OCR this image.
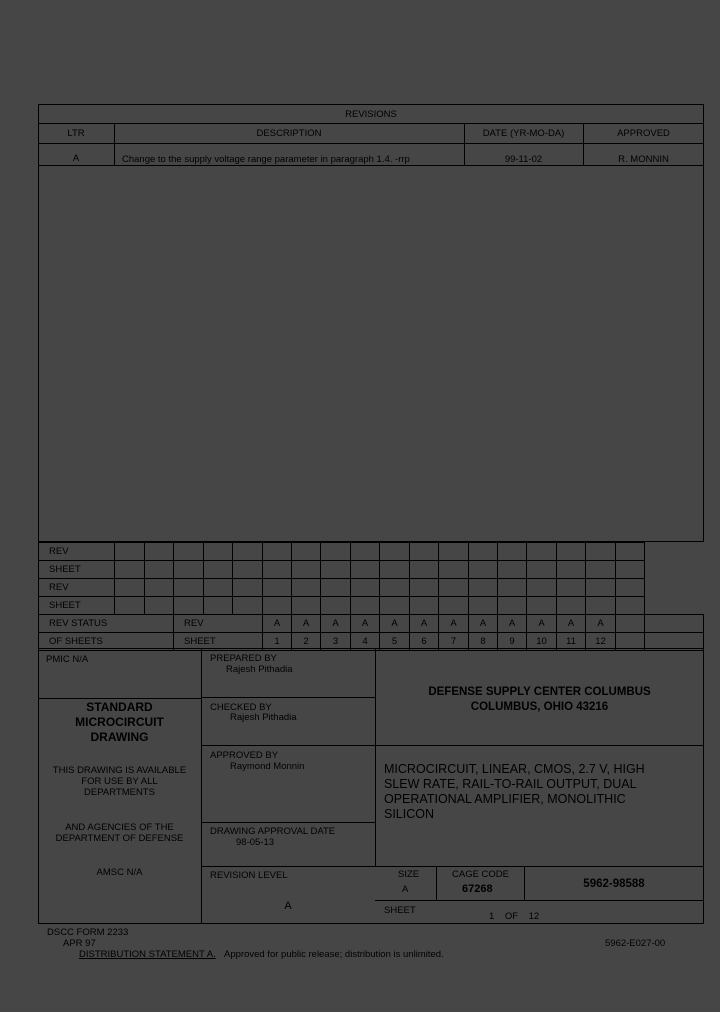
REVISIONS
LTR	DESCRIPTION	DATE (YR-MO-DA)	APPROVED
A	Change to the supply voltage range parameter in paragraph 1.4. -rrp	99-11-02	R. MONNIN
REV																			
SHEET																			
REV																			
SHEET																			
REV STATUS			REV			A	A	A	A	A	A	A	A	A	A	A	A		
OF SHEETS			SHEET			1	2	3	4	5	6	7	8	9	10	11	12		
PMIC N/A
STANDARD
MICROCIRCUIT
DRAWING
THIS DRAWING IS AVAILABLE
FOR USE BY ALL
DEPARTMENTS
AND AGENCIES OF THE
DEPARTMENT OF DEFENSE
AMSC N/A
PREPARED BY
Rajesh Pithadia
CHECKED BY
Rajesh Pithadia
APPROVED BY
Raymond Monnin
DRAWING APPROVAL DATE
98-05-13
REVISION LEVEL
A
DEFENSE SUPPLY CENTER COLUMBUS
COLUMBUS, OHIO 43216
MICROCIRCUIT, LINEAR, CMOS, 2.7 V, HIGH
SLEW RATE, RAIL-TO-RAIL OUTPUT, DUAL
OPERATIONAL AMPLIFIER, MONOLITHIC
SILICON
SIZE
A
CAGE CODE
67268	5962-98588
SHEET
1    OF    12
DSCC FORM 2233
APR 97
DISTRIBUTION STATEMENT A. Approved for public release; distribution is unlimited.
5962-E027-00
